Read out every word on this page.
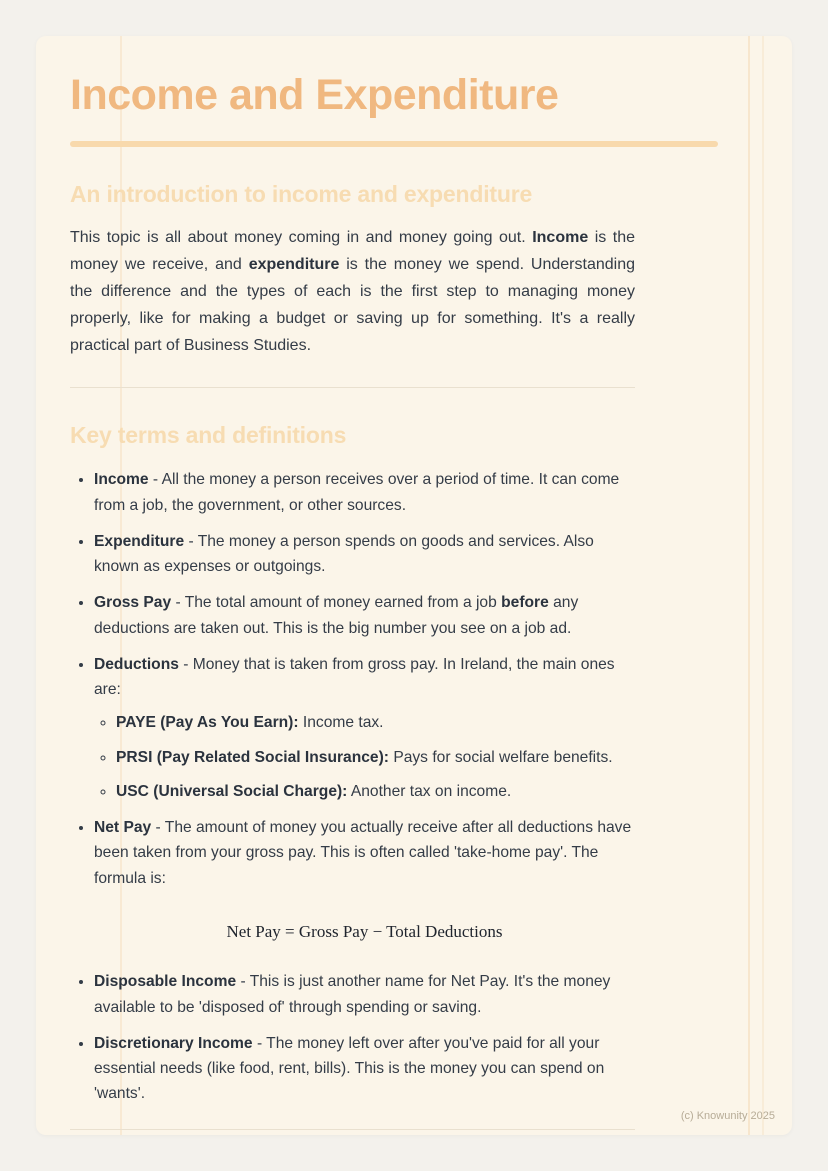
Income and Expenditure
An introduction to income and expenditure

This topic is all about money coming in and money going out. Income is the money we receive, and expenditure is the money we spend. Understanding the difference and the types of each is the first step to managing money properly, like for making a budget or saving up for something. It's a really practical part of Business Studies.

Key terms and definitions
• Income - All the money a person receives over a period of time. It can come from a job, the government, or other sources.
• Expenditure - The money a person spends on goods and services. Also known as expenses or outgoings.
• Gross Pay - The total amount of money earned from a job before any deductions are taken out. This is the big number you see on a job ad.
• Deductions - Money that is taken from gross pay. In Ireland, the main ones are:
◦ PAYE (Pay As You Earn): Income tax.
◦ PRSI (Pay Related Social Insurance): Pays for social welfare benefits.
◦ USC (Universal Social Charge): Another tax on income.
• Net Pay - The amount of money you actually receive after all deductions have been taken from your gross pay. This is often called 'take-home pay'. The formula is:
Net Pay = Gross Pay − Total Deductions
• Disposable Income - This is just another name for Net Pay. It's the money available to be 'disposed of' through spending or saving.
• Discretionary Income - The money left over after you've paid for all your essential needs (like food, rent, bills). This is the money you can spend on 'wants'.
(c) Knowunity 2025
